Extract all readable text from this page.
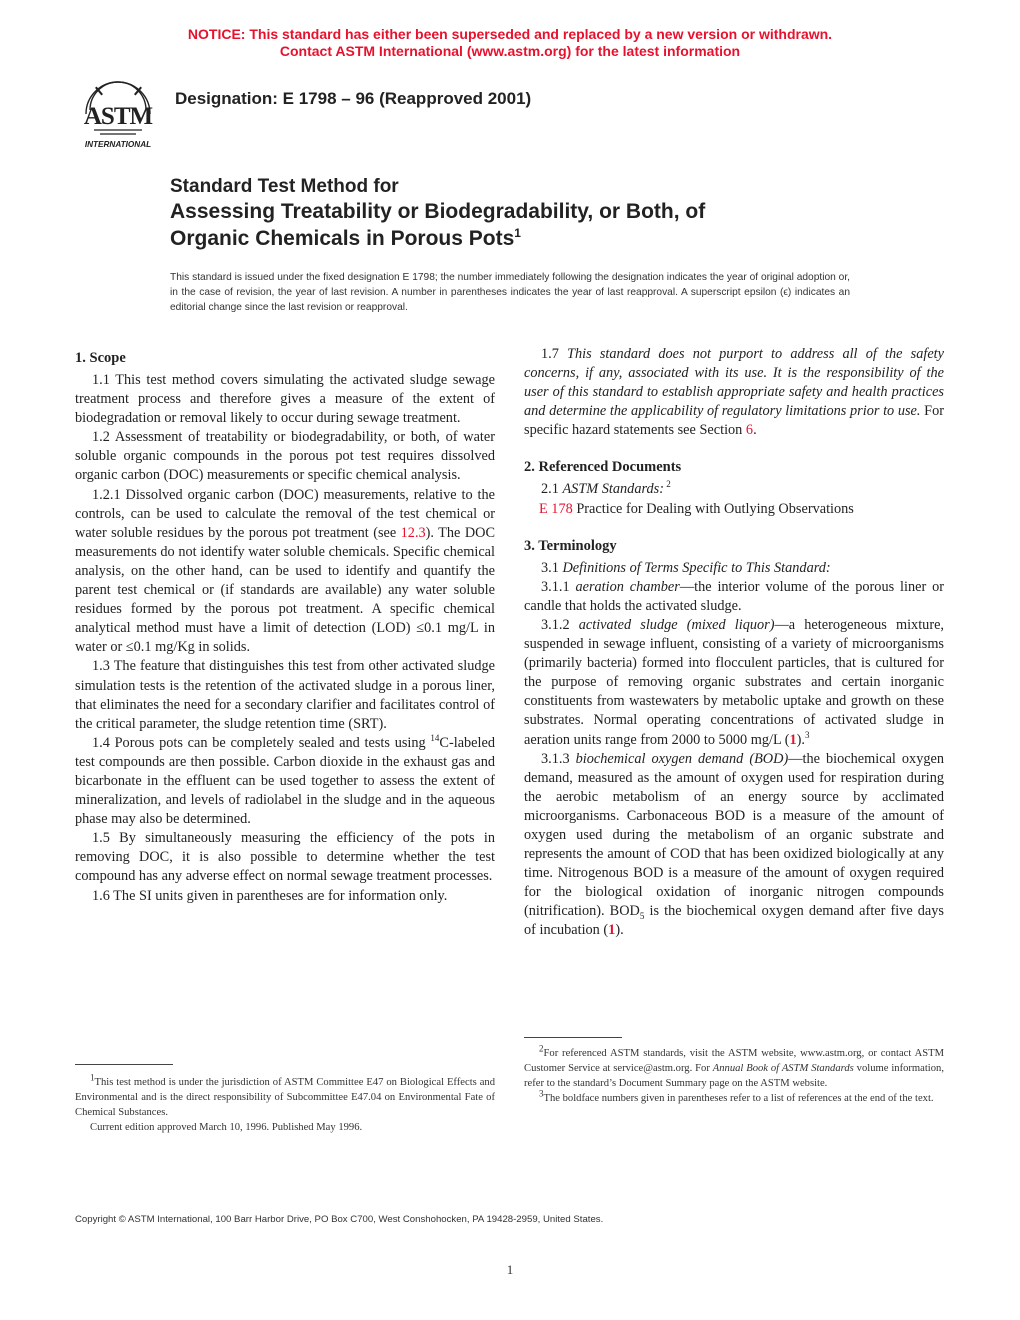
NOTICE: This standard has either been superseded and replaced by a new version or withdrawn.
Contact ASTM International (www.astm.org) for the latest information
ASTM
INTERNATIONAL
Designation: E 1798 – 96 (Reapproved 2001)
Standard Test Method for
Assessing Treatability or Biodegradability, or Both, of
Organic Chemicals in Porous Pots$^1$
This standard is issued under the fixed designation E 1798; the number immediately following the designation indicates the year of original adoption or, in the case of revision, the year of last revision. A number in parentheses indicates the year of last reapproval. A superscript epsilon (ϵ) indicates an editorial change since the last revision or reapproval.
1. Scope

1.1 This test method covers simulating the activated sludge sewage treatment process and therefore gives a measure of the extent of biodegradation or removal likely to occur during sewage treatment.

1.2 Assessment of treatability or biodegradability, or both, of water soluble organic compounds in the porous pot test requires dissolved organic carbon (DOC) measurements or specific chemical analysis.

1.2.1 Dissolved organic carbon (DOC) measurements, relative to the controls, can be used to calculate the removal of the test chemical or water soluble residues by the porous pot treatment (see 12.3). The DOC measurements do not identify water soluble chemicals. Specific chemical analysis, on the other hand, can be used to identify and quantify the parent test chemical or (if standards are available) any water soluble residues formed by the porous pot treatment. A specific chemical analytical method must have a limit of detection (LOD) ≤0.1 mg/L in water or ≤0.1 mg/Kg in solids.

1.3 The feature that distinguishes this test from other activated sludge simulation tests is the retention of the activated sludge in a porous liner, that eliminates the need for a secondary clarifier and facilitates control of the critical parameter, the sludge retention time (SRT).

1.4 Porous pots can be completely sealed and tests using $^{14}$C-labeled test compounds are then possible. Carbon dioxide in the exhaust gas and bicarbonate in the effluent can be used together to assess the extent of mineralization, and levels of radiolabel in the sludge and in the aqueous phase may also be determined.

1.5 By simultaneously measuring the efficiency of the pots in removing DOC, it is also possible to determine whether the test compound has any adverse effect on normal sewage treatment processes.

1.6 The SI units given in parentheses are for information only.

1.7 This standard does not purport to address all of the safety concerns, if any, associated with its use. It is the responsibility of the user of this standard to establish appropriate safety and health practices and determine the applicability of regulatory limitations prior to use. For specific hazard statements see Section 6.

2. Referenced Documents

2.1 ASTM Standards: $^2$

E 178 Practice for Dealing with Outlying Observations

3. Terminology

3.1 Definitions of Terms Specific to This Standard:

3.1.1 aeration chamber—the interior volume of the porous liner or candle that holds the activated sludge.

3.1.2 activated sludge (mixed liquor)—a heterogeneous mixture, suspended in sewage influent, consisting of a variety of microorganisms (primarily bacteria) formed into flocculent particles, that is cultured for the purpose of removing organic substrates and certain inorganic constituents from wastewaters by metabolic uptake and growth on these substrates. Normal operating concentrations of activated sludge in aeration units range from 2000 to 5000 mg/L (1).$^3$

3.1.3 biochemical oxygen demand (BOD)—the biochemical oxygen demand, measured as the amount of oxygen used for respiration during the aerobic metabolism of an energy source by acclimated microorganisms. Carbonaceous BOD is a measure of the amount of oxygen used during the metabolism of an organic substrate and represents the amount of COD that has been oxidized biologically at any time. Nitrogenous BOD is a measure of the amount of oxygen required for the biological oxidation of inorganic nitrogen compounds (nitrification). $BOD_5$ is the biochemical oxygen demand after five days of incubation (1).

$^1$This test method is under the jurisdiction of ASTM Committee E47 on Biological Effects and Environmental and is the direct responsibility of Subcommittee E47.04 on Environmental Fate of Chemical Substances.

Current edition approved March 10, 1996. Published May 1996.

$^2$For referenced ASTM standards, visit the ASTM website, www.astm.org, or contact ASTM Customer Service at service@astm.org. For Annual Book of ASTM Standards volume information, refer to the standard’s Document Summary page on the ASTM website.

$^3$The boldface numbers given in parentheses refer to a list of references at the end of the text.

Copyright © ASTM International, 100 Barr Harbor Drive, PO Box C700, West Conshohocken, PA 19428-2959, United States.
1
